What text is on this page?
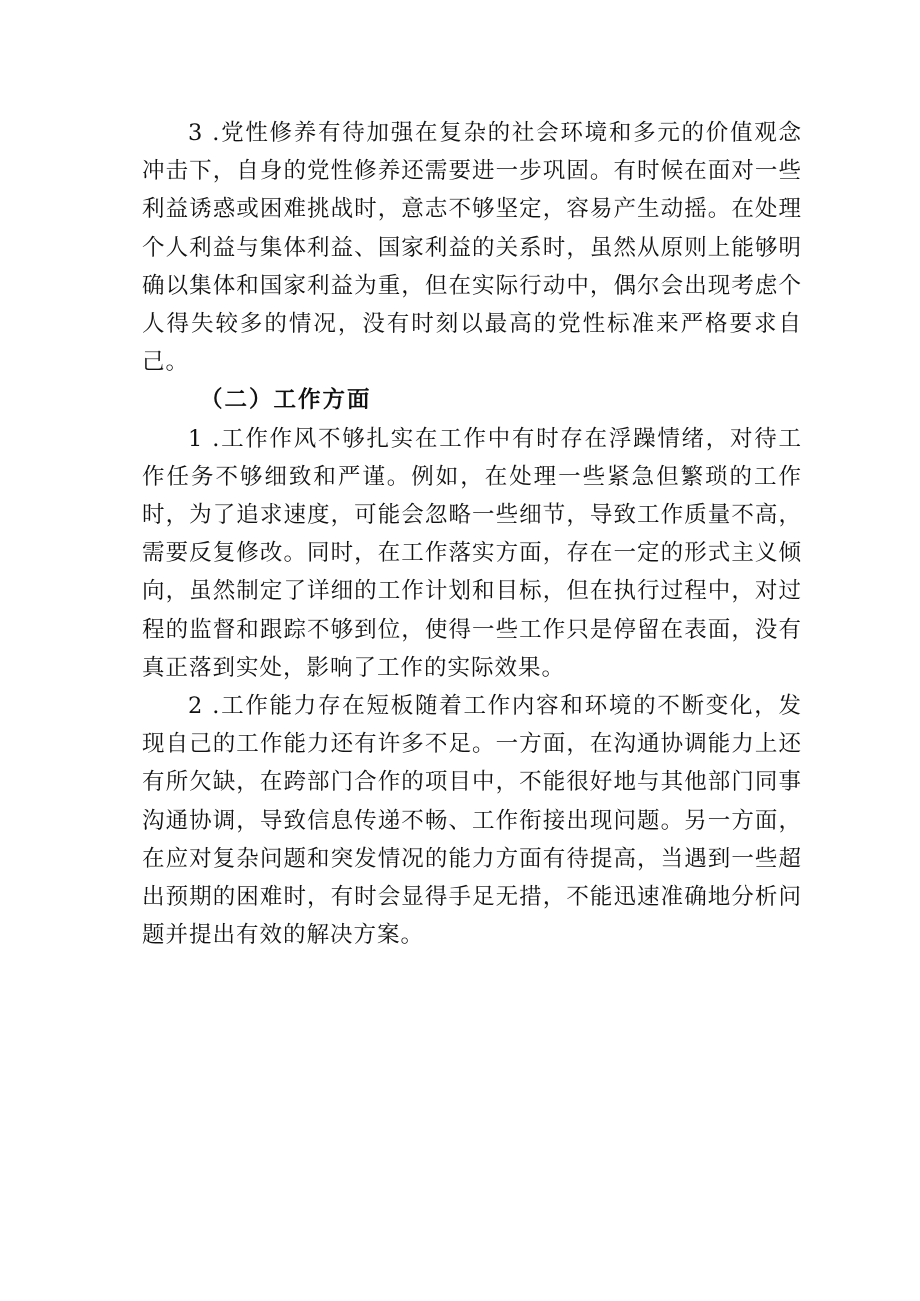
3 .党性修养有待加强在复杂的社会环境和多元的价值观念冲击下，自身的党性修养还需要进一步巩固。有时候在面对一些利益诱惑或困难挑战时，意志不够坚定，容易产生动摇。在处理个人利益与集体利益、国家利益的关系时，虽然从原则上能够明确以集体和国家利益为重，但在实际行动中，偶尔会出现考虑个人得失较多的情况，没有时刻以最高的党性标准来严格要求自己。

（二）工作方面

1 .工作作风不够扎实在工作中有时存在浮躁情绪，对待工作任务不够细致和严谨。例如，在处理一些紧急但繁琐的工作时，为了追求速度，可能会忽略一些细节，导致工作质量不高，需要反复修改。同时，在工作落实方面，存在一定的形式主义倾向，虽然制定了详细的工作计划和目标，但在执行过程中，对过程的监督和跟踪不够到位，使得一些工作只是停留在表面，没有真正落到实处，影响了工作的实际效果。

2 .工作能力存在短板随着工作内容和环境的不断变化，发现自己的工作能力还有许多不足。一方面，在沟通协调能力上还有所欠缺，在跨部门合作的项目中，不能很好地与其他部门同事沟通协调，导致信息传递不畅、工作衔接出现问题。另一方面，在应对复杂问题和突发情况的能力方面有待提高，当遇到一些超出预期的困难时，有时会显得手足无措，不能迅速准确地分析问题并提出有效的解决方案。
